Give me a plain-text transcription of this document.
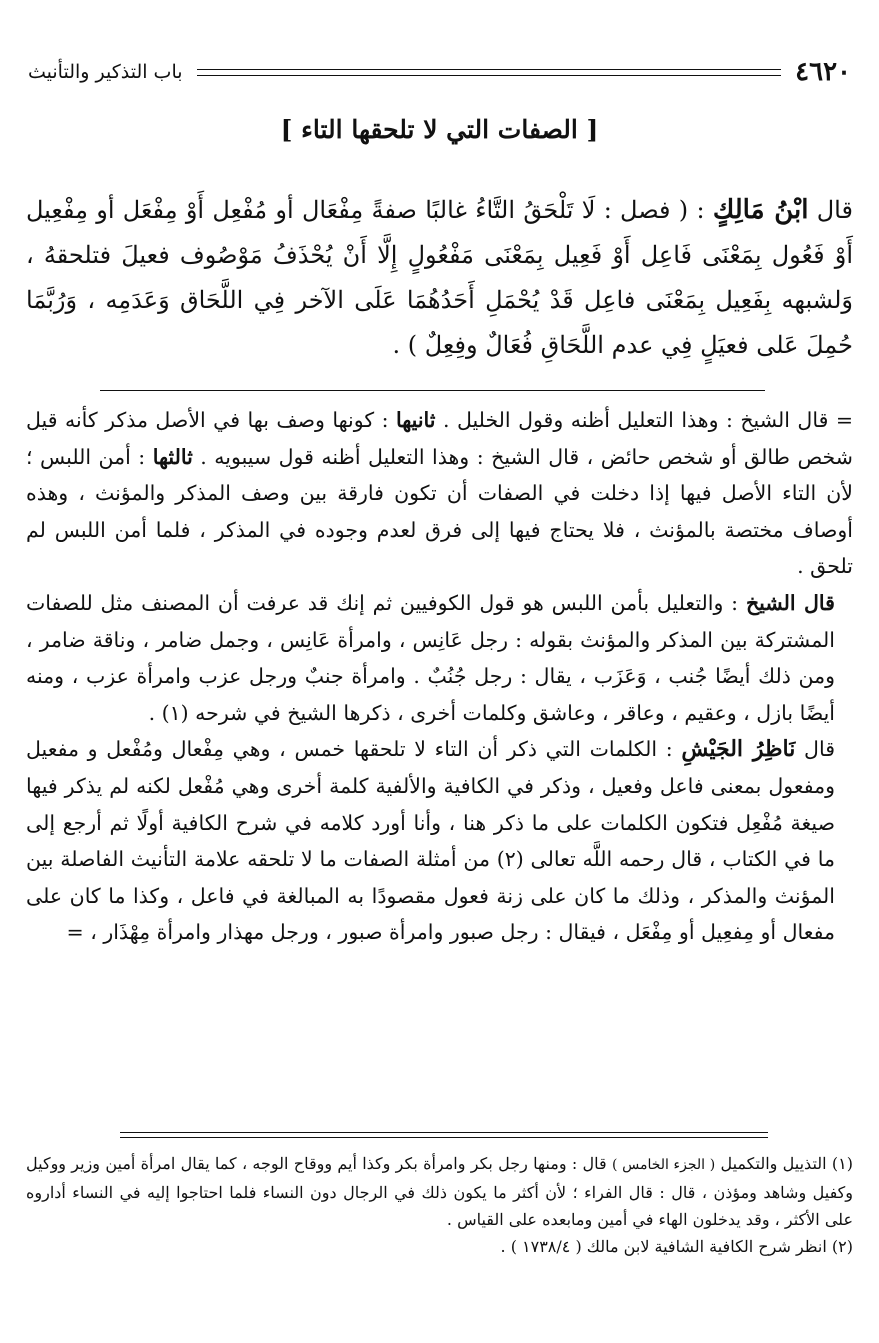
٤٦٢٠
باب التذكير والتأنيث
[ الصفات التي لا تلحقها التاء ]
قال ابْنُ مَالِكٍ : ( فصل : لَا تَلْحَقُ التَّاءُ غالبًا صفةً مِفْعَال أو مُفْعِل أَوْ مِفْعَل أو مِفْعِيل أَوْ فَعُول بِمَعْنَى فَاعِل أَوْ فَعِيل بِمَعْنَى مَفْعُولٍ إِلَّا أَنْ يُحْذَفُ مَوْصُوف فعيلَ فتلحقهُ ، وَلشبهه بِفَعِيل بِمَعْنَى فاعِل قَدْ يُحْمَلِ أَحَدُهُمَا عَلَى الآخر فِي اللَّحَاق وَعَدَمِه ، وَرُبَّمَا حُمِلَ عَلى فعيَلٍ فِي عدم اللَّحَاقِ فُعَالٌ وفِعِلٌ ) .

= قال الشيخ : وهذا التعليل أظنه وقول الخليل . ثانيها : كونها وصف بها في الأصل مذكر كأنه قيل شخص طالق أو شخص حائض ، قال الشيخ : وهذا التعليل أظنه قول سيبويه . ثالثها : أمن اللبس ؛ لأن التاء الأصل فيها إذا دخلت في الصفات أن تكون فارقة بين وصف المذكر والمؤنث ، وهذه أوصاف مختصة بالمؤنث ، فلا يحتاج فيها إلى فرق لعدم وجوده في المذكر ، فلما أمن اللبس لم تلحق .

قال الشيخ : والتعليل بأمن اللبس هو قول الكوفيين ثم إنك قد عرفت أن المصنف مثل للصفات المشتركة بين المذكر والمؤنث بقوله : رجل عَانِس ، وامرأة عَانِس ، وجمل ضامر ، وناقة ضامر ، ومن ذلك أيضًا جُنب ، وَعَزَب ، يقال : رجل جُنُبٌ . وامرأة جنبٌ ورجل عزب وامرأة عزب ، ومنه أيضًا بازل ، وعقيم ، وعاقر ، وعاشق وكلمات أخرى ، ذكرها الشيخ في شرحه (١) .

قال نَاظِرُ الجَيْشِ : الكلمات التي ذكر أن التاء لا تلحقها خمس ، وهي مِفْعال ومُفْعل و مفعيل ومفعول بمعنى فاعل وفعيل ، وذكر في الكافية والألفية كلمة أخرى وهي مُفْعل لكنه لم يذكر فيها صيغة مُفْعِل فتكون الكلمات على ما ذكر هنا ، وأنا أورد كلامه في شرح الكافية أولًا ثم أرجع إلى ما في الكتاب ، قال رحمه اللَّه تعالى (٢) من أمثلة الصفات ما لا تلحقه علامة التأنيث الفاصلة بين المؤنث والمذكر ، وذلك ما كان على زنة فعول مقصودًا به المبالغة في فاعل ، وكذا ما كان على مفعال أو مِفعِيل أو مِفْعَل ، فيقال : رجل صبور وامرأة صبور ، ورجل مهذار وامرأة مِهْذَار ، =

(١) التذييل والتكميل ( الجزء الخامس ) قال : ومنها رجل بكر وامرأة بكر وكذا أيم ووقاح الوجه ، كما يقال امرأة أمين وزير ووكيل وكفيل وشاهد ومؤذن ، قال : قال الفراء ؛ لأن أكثر ما يكون ذلك في الرجال دون النساء فلما احتاجوا إليه في النساء أداروه على الأكثر ، وقد يدخلون الهاء في أمين ومابعده على القياس .

(٢) انظر شرح الكافية الشافية لابن مالك ( ١٧٣٨/٤ ) .
